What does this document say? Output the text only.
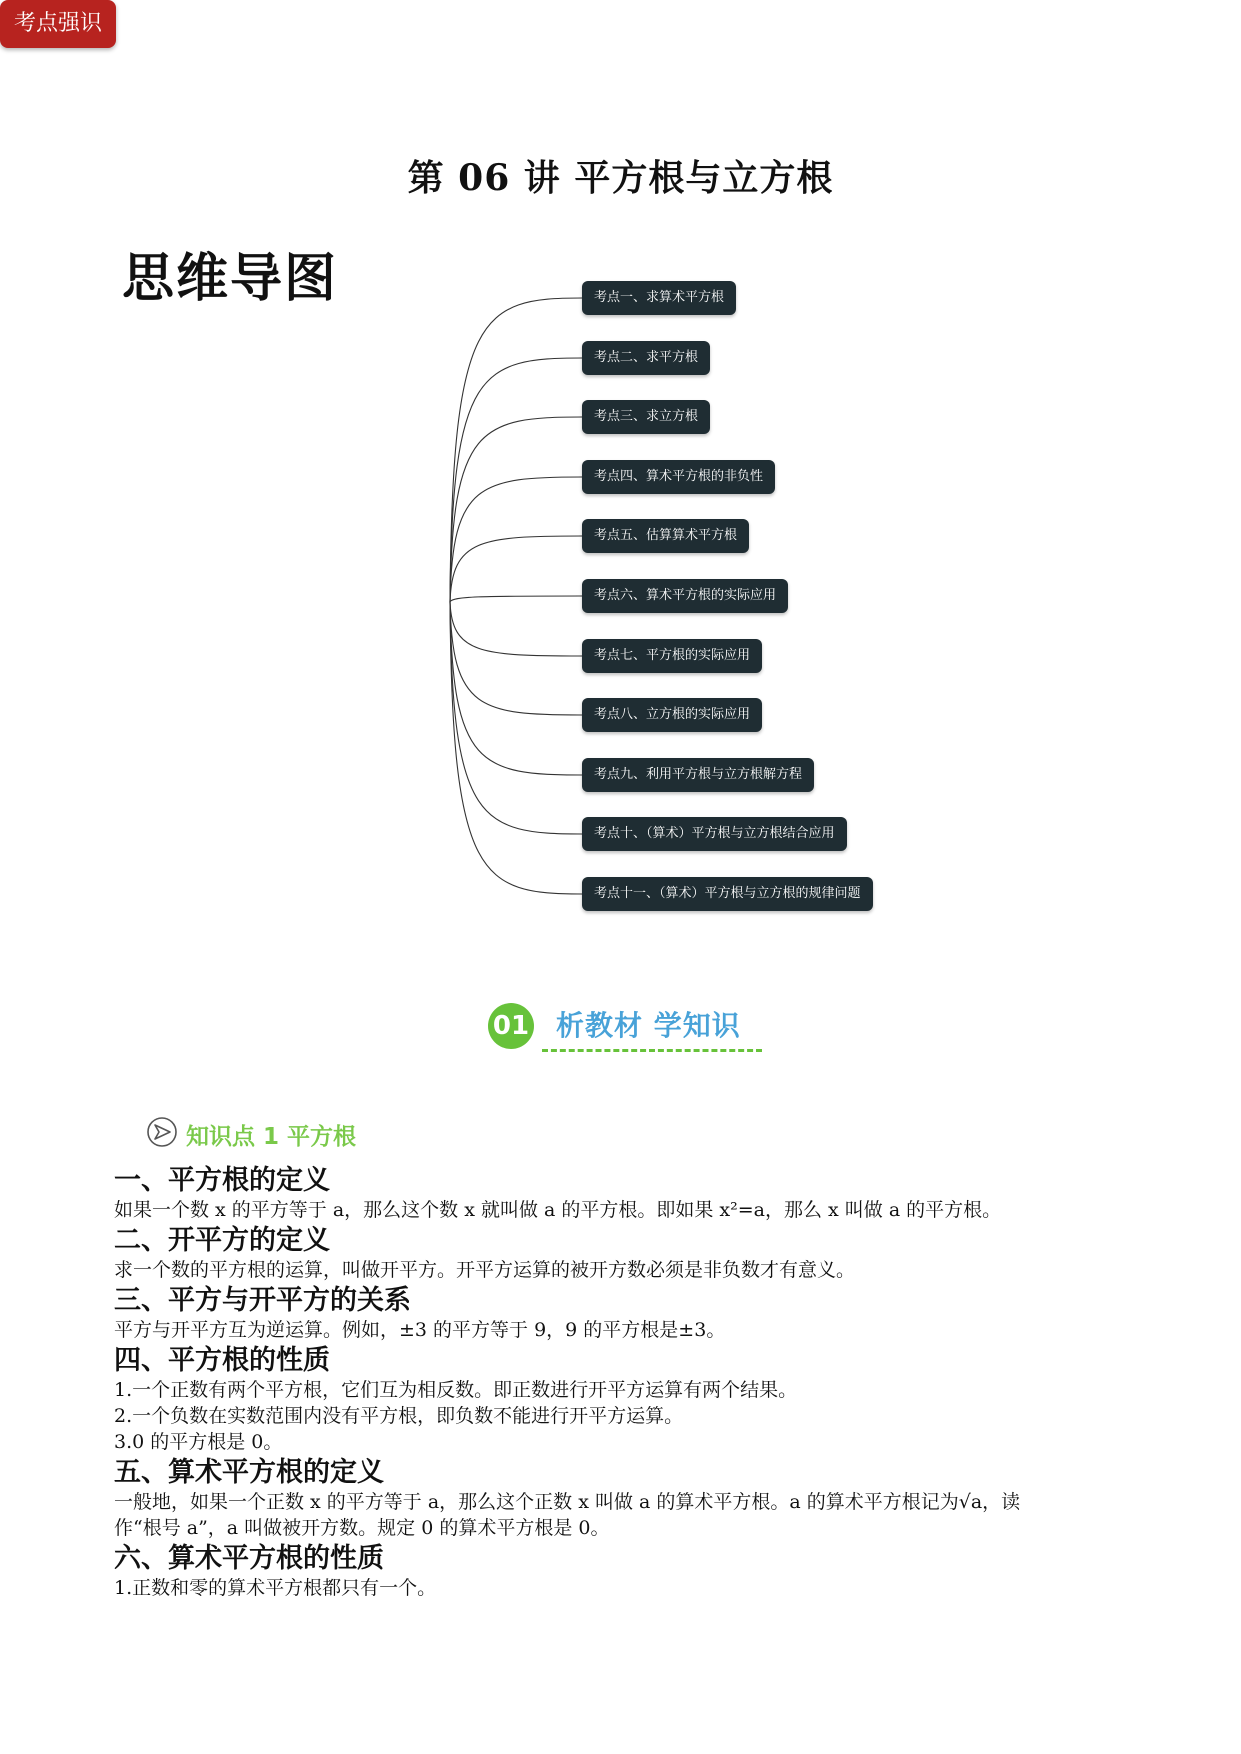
第 06 讲 平方根与立方根
思维导图
考点强识
考点一、求算术平方根
考点二、求平方根
考点三、求立方根
考点四、算术平方根的非负性
考点五、估算算术平方根
考点六、算术平方根的实际应用
考点七、平方根的实际应用
考点八、立方根的实际应用
考点九、利用平方根与立方根解方程
考点十、（算术）平方根与立方根结合应用
考点十一、（算术）平方根与立方根的规律问题
01 析教材 学知识
知识点 1 平方根
一、平方根的定义
如果一个数 x 的平方等于 a，那么这个数 x 就叫做 a 的平方根。即如果 x²=a，那么 x 叫做 a 的平方根。
二、开平方的定义
求一个数的平方根的运算，叫做开平方。开平方运算的被开方数必须是非负数才有意义。
三、平方与开平方的关系
平方与开平方互为逆运算。例如，±3 的平方等于 9，9 的平方根是±3。
四、平方根的性质
1.一个正数有两个平方根，它们互为相反数。即正数进行开平方运算有两个结果。
2.一个负数在实数范围内没有平方根，即负数不能进行开平方运算。
3.0 的平方根是 0。
五、算术平方根的定义
一般地，如果一个正数 x 的平方等于 a，那么这个正数 x 叫做 a 的算术平方根。a 的算术平方根记为√a，读
作“根号 a”，a 叫做被开方数。规定 0 的算术平方根是 0。
六、算术平方根的性质
1.正数和零的算术平方根都只有一个。
